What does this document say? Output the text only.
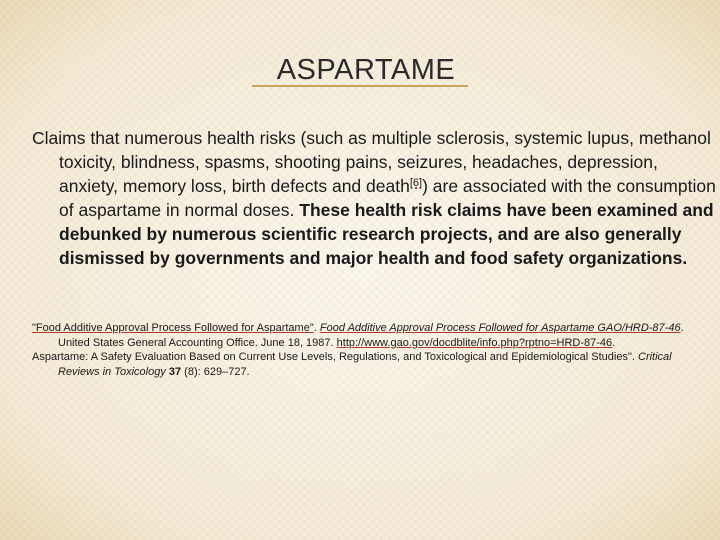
ASPARTAME
Claims that numerous health risks (such as multiple sclerosis, systemic lupus, methanol toxicity, blindness, spasms, shooting pains, seizures, headaches, depression, anxiety, memory loss, birth defects and death[6]) are associated with the consumption of aspartame in normal doses. These health risk claims have been examined and debunked by numerous scientific research projects, and are also generally dismissed by governments and major health and food safety organizations.
"Food Additive Approval Process Followed for Aspartame". Food Additive Approval Process Followed for Aspartame GAO/HRD-87-46. United States General Accounting Office. June 18, 1987. http://www.gao.gov/docdblite/info.php?rptno=HRD-87-46.
Aspartame: A Safety Evaluation Based on Current Use Levels, Regulations, and Toxicological and Epidemiological Studies". Critical Reviews in Toxicology 37 (8): 629–727.
